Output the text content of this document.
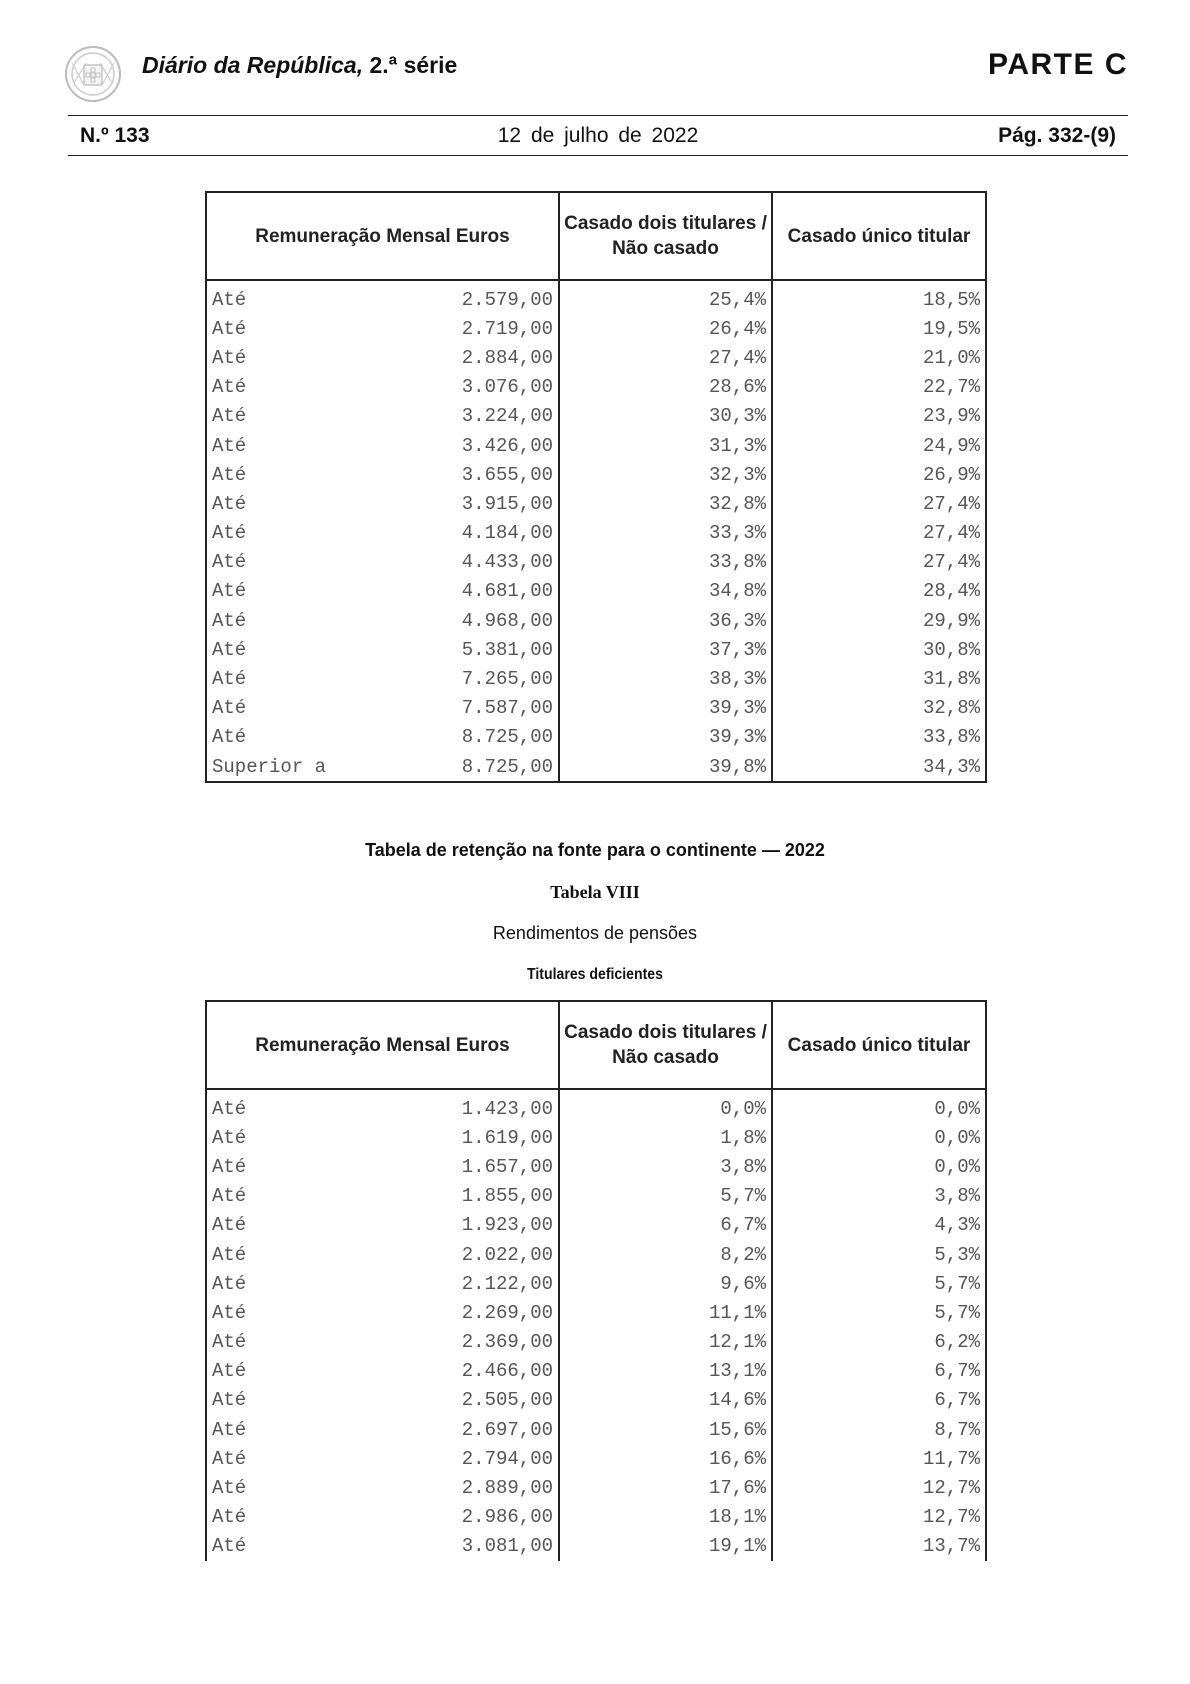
Diário da República, 2.ª série	PARTE C
N.º 133	12 de julho de 2022	Pág. 332-(9)
Remuneração Mensal Euros	Casado dois titulares / Não casado	Casado único titular

Até 2.579,00	25,4%	18,5%

Até 2.719,00	26,4%	19,5%

Até 2.884,00	27,4%	21,0%

Até 3.076,00	28,6%	22,7%

Até 3.224,00	30,3%	23,9%

Até 3.426,00	31,3%	24,9%

Até 3.655,00	32,3%	26,9%

Até 3.915,00	32,8%	27,4%

Até 4.184,00	33,3%	27,4%

Até 4.433,00	33,8%	27,4%

Até 4.681,00	34,8%	28,4%

Até 4.968,00	36,3%	29,9%

Até 5.381,00	37,3%	30,8%

Até 7.265,00	38,3%	31,8%

Até 7.587,00	39,3%	32,8%

Até 8.725,00	39,3%	33,8%

Superior a 8.725,00	39,8%	34,3%
Tabela de retenção na fonte para o continente — 2022
Tabela VIII
Rendimentos de pensões
Titulares deficientes
Remuneração Mensal Euros	Casado dois titulares / Não casado	Casado único titular

Até 1.423,00	0,0%	0,0%

Até 1.619,00	1,8%	0,0%

Até 1.657,00	3,8%	0,0%

Até 1.855,00	5,7%	3,8%

Até 1.923,00	6,7%	4,3%

Até 2.022,00	8,2%	5,3%

Até 2.122,00	9,6%	5,7%

Até 2.269,00	11,1%	5,7%

Até 2.369,00	12,1%	6,2%

Até 2.466,00	13,1%	6,7%

Até 2.505,00	14,6%	6,7%

Até 2.697,00	15,6%	8,7%

Até 2.794,00	16,6%	11,7%

Até 2.889,00	17,6%	12,7%

Até 2.986,00	18,1%	12,7%

Até 3.081,00	19,1%	13,7%
